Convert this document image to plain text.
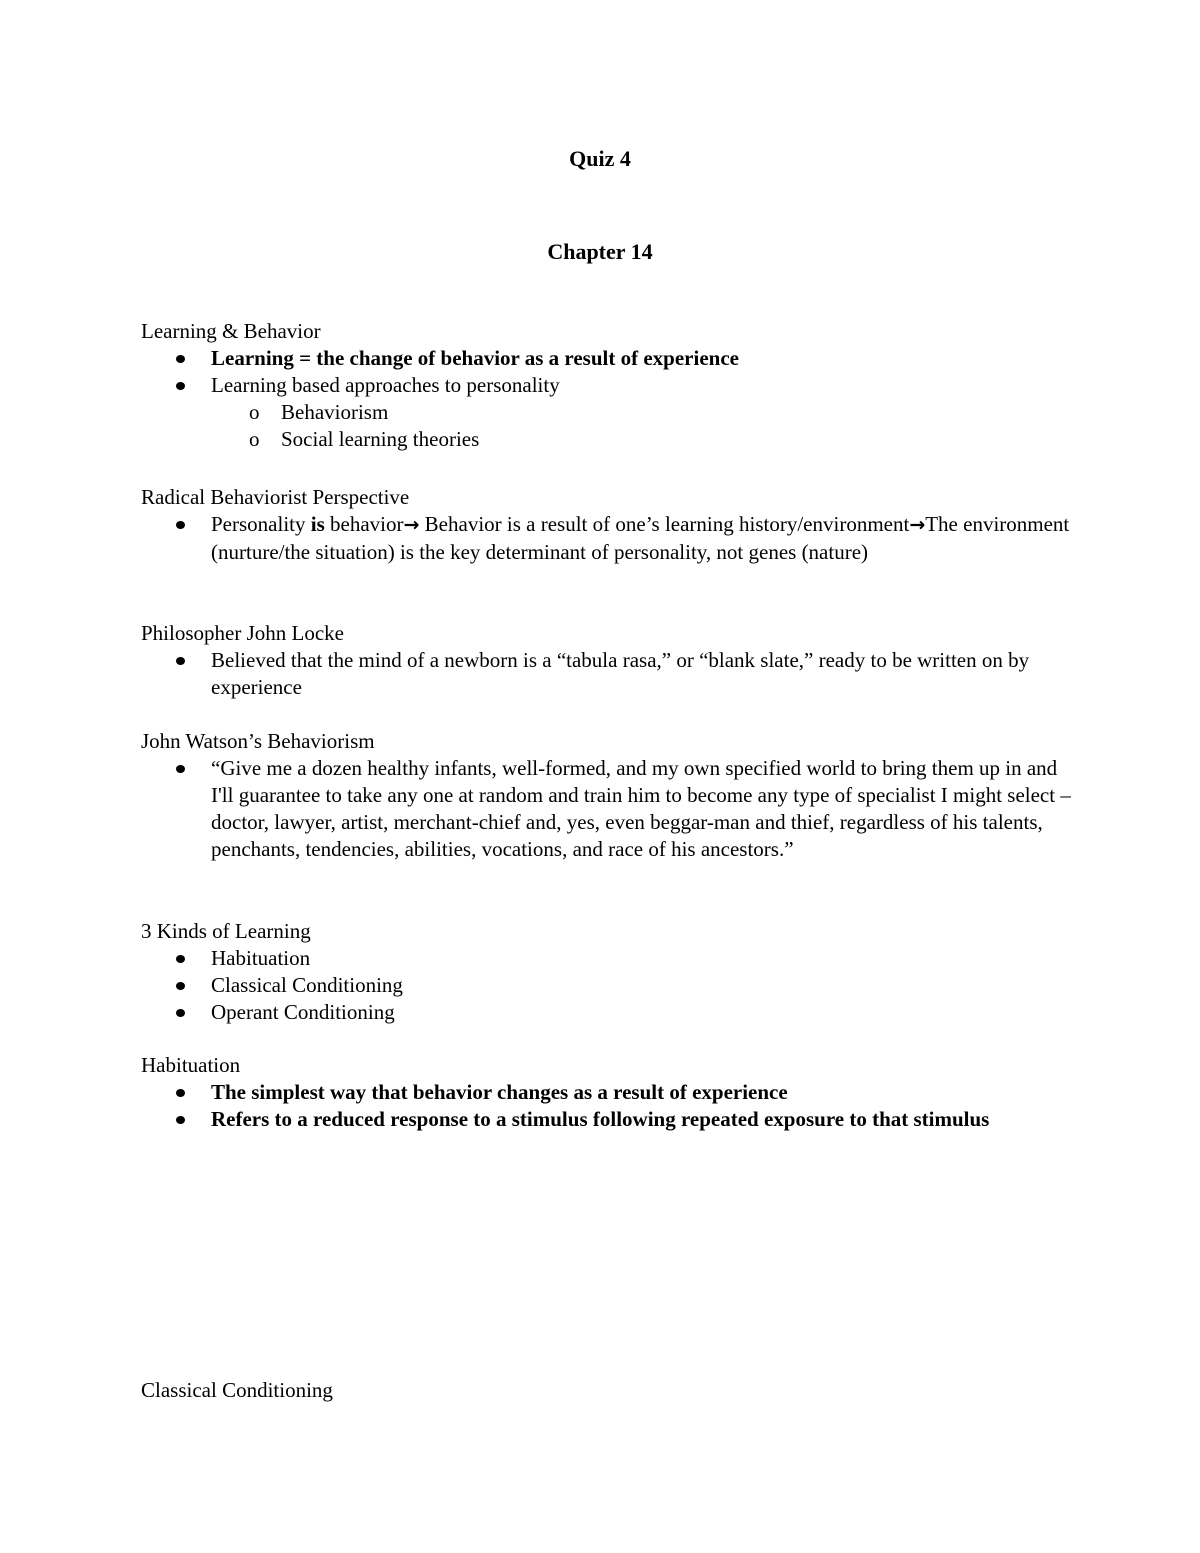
Quiz 4
Chapter 14

Learning & Behavior

Learning = the change of behavior as a result of experience
Learning based approaches to personality
o Behaviorism
o Social learning theories

Radical Behaviorist Perspective

Personality is behavior→ Behavior is a result of one’s learning history/environment→The environment (nurture/the situation) is the key determinant of personality, not genes (nature)

Philosopher John Locke

Believed that the mind of a newborn is a “tabula rasa,” or “blank slate,” ready to be written on by experience

John Watson’s Behaviorism

“Give me a dozen healthy infants, well-formed, and my own specified world to bring them up in and I'll guarantee to take any one at random and train him to become any type of specialist I might select – doctor, lawyer, artist, merchant-chief and, yes, even beggar-man and thief, regardless of his talents, penchants, tendencies, abilities, vocations, and race of his ancestors.”

3 Kinds of Learning

Habituation
Classical Conditioning
Operant Conditioning

Habituation

The simplest way that behavior changes as a result of experience
Refers to a reduced response to a stimulus following repeated exposure to that stimulus

Classical Conditioning
